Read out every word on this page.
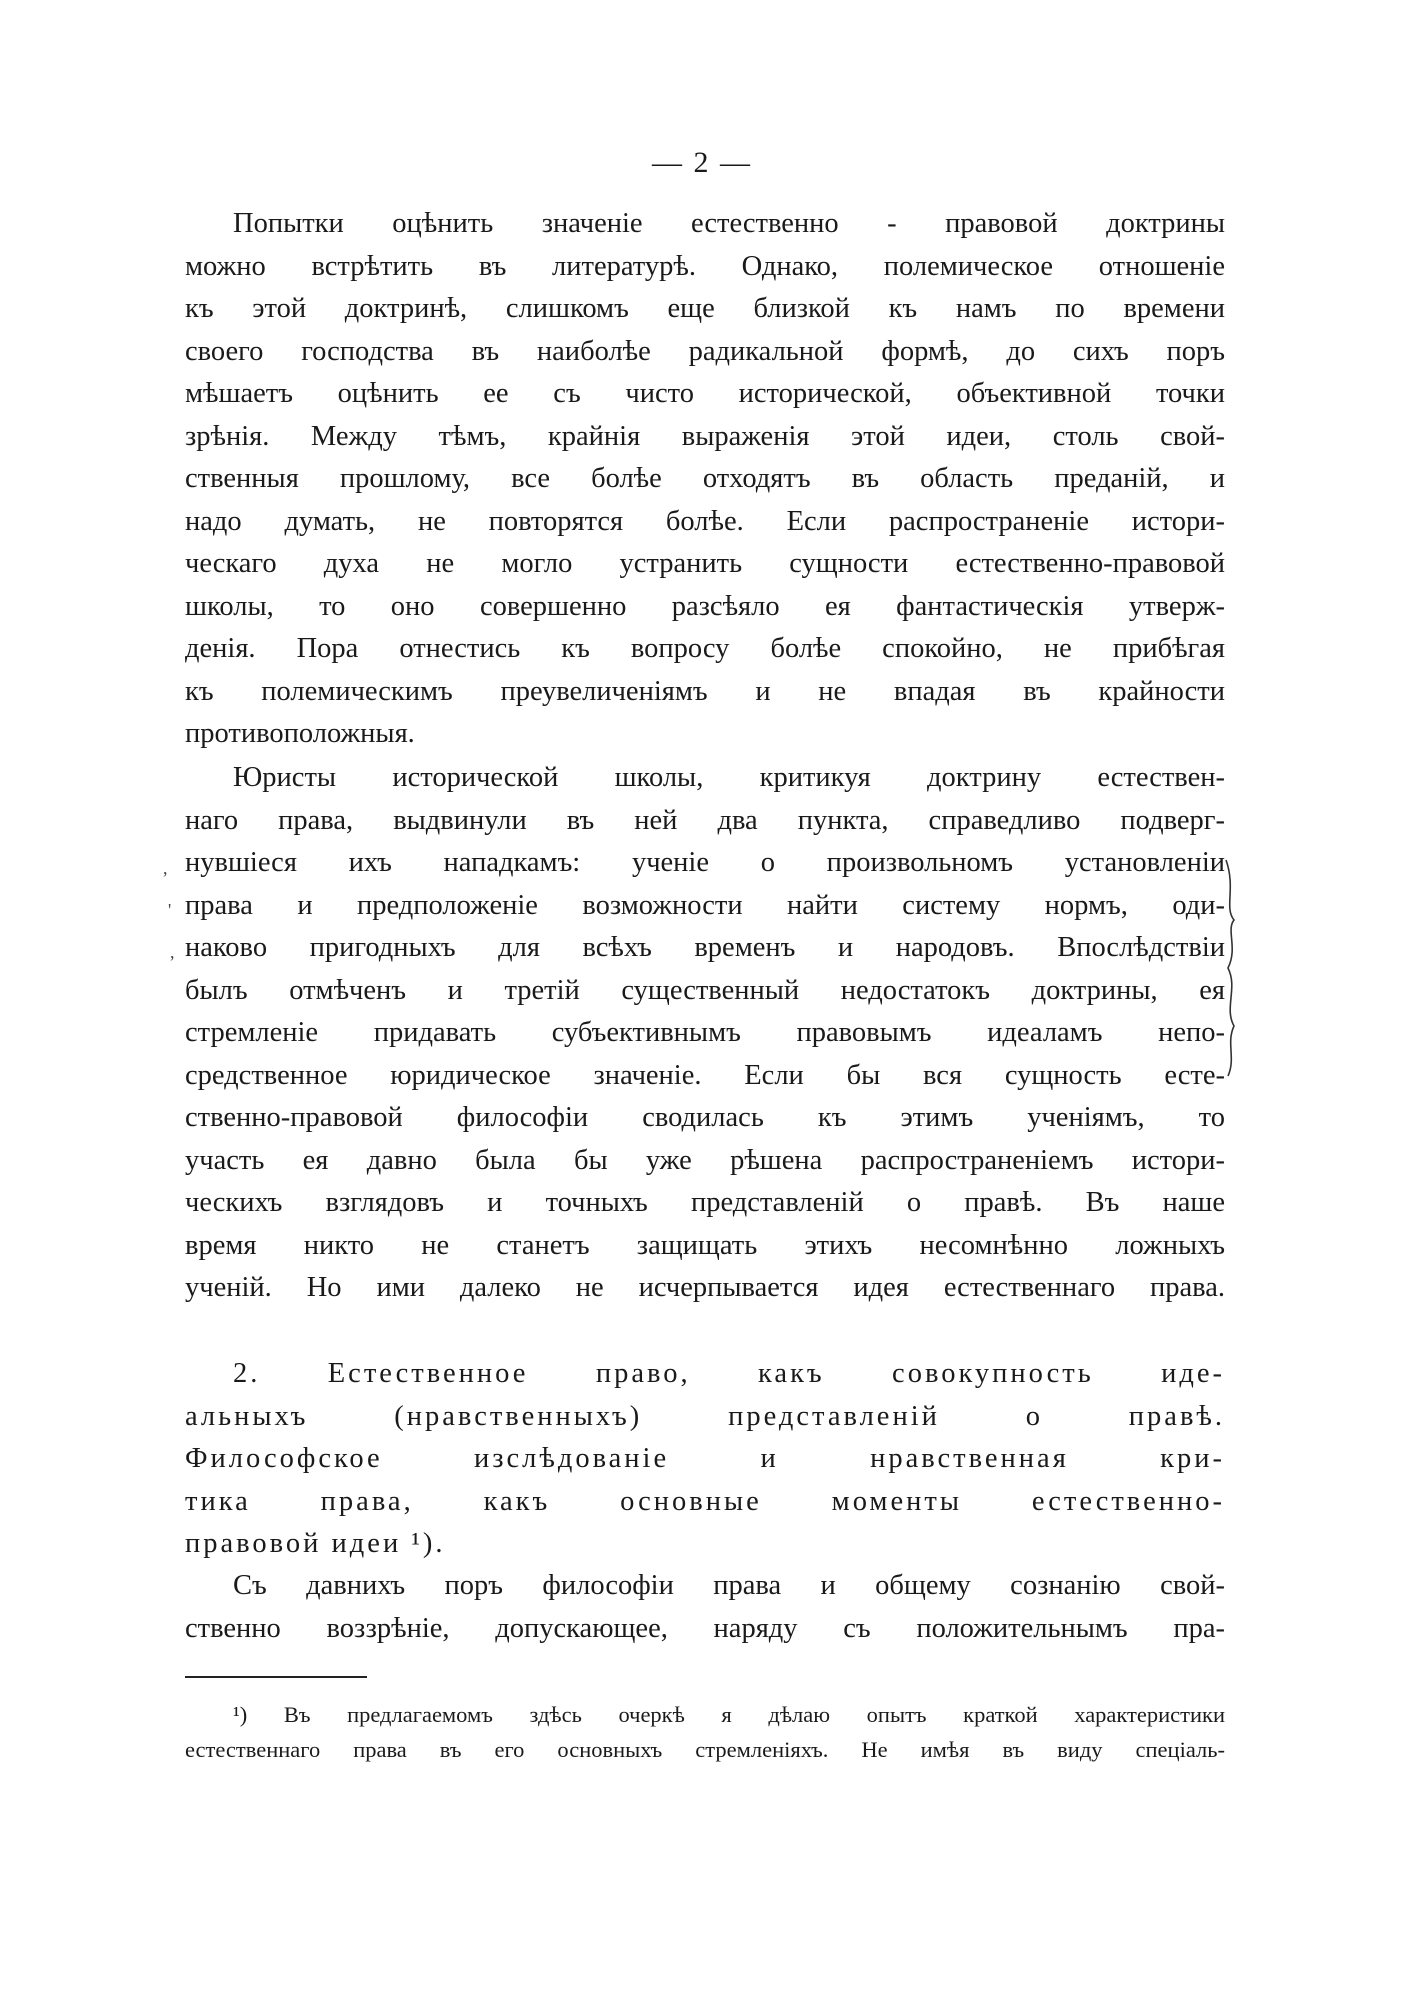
— 2 —
Попытки оцѣнить значеніе естественно - правовой доктрины
можно встрѣтить въ литературѣ. Однако, полемическое отношеніе
къ этой доктринѣ, слишкомъ еще близкой къ намъ по времени
своего господства въ наиболѣе радикальной формѣ, до сихъ поръ
мѣшаетъ оцѣнить ее съ чисто исторической, объективной точки
зрѣнія. Между тѣмъ, крайнія выраженія этой идеи, столь свой-
ственныя прошлому, все болѣе отходятъ въ область преданій, и
надо думать, не повторятся болѣе. Если распространеніе истори-
ческаго духа не могло устранить сущности естественно-правовой
школы, то оно совершенно разсѣяло ея фантастическія утверж-
денія. Пора отнестись къ вопросу болѣе спокойно, не прибѣгая
къ полемическимъ преувеличеніямъ и не впадая въ крайности
противоположныя.
Юристы исторической школы, критикуя доктрину естествен-
наго права, выдвинули въ ней два пункта, справедливо подверг-
нувшіеся ихъ нападкамъ: ученіе о произвольномъ установленіи
права и предположеніе возможности найти систему нормъ, оди-
наково пригодныхъ для всѣхъ временъ и народовъ. Впослѣдствіи
былъ отмѣченъ и третій существенный недостатокъ доктрины, ея
стремленіе придавать субъективнымъ правовымъ идеаламъ непо-
средственное юридическое значеніе. Если бы вся сущность есте-
ственно-правовой философіи сводилась къ этимъ ученіямъ, то
участь ея давно была бы уже рѣшена распространеніемъ истори-
ческихъ взглядовъ и точныхъ представленій о правѣ. Въ наше
время никто не станетъ защищать этихъ несомнѣнно ложныхъ
ученій. Но ими далеко не исчерпывается идея естественнаго права.
,
'
,
2. Естественное право, какъ совокупность иде-
альныхъ (нравственныхъ) представленій о правѣ.
Философское изслѣдованіе и нравственная кри-
тика права, какъ основные моменты естественно-
правовой идеи ¹).
Съ давнихъ поръ философіи права и общему сознанію свой-
ственно воззрѣніе, допускающее, наряду съ положительнымъ пра-
¹) Въ предлагаемомъ здѣсь очеркѣ я дѣлаю опытъ краткой характеристики
естественнаго права въ его основныхъ стремленіяхъ. Не имѣя въ виду спеціаль-
